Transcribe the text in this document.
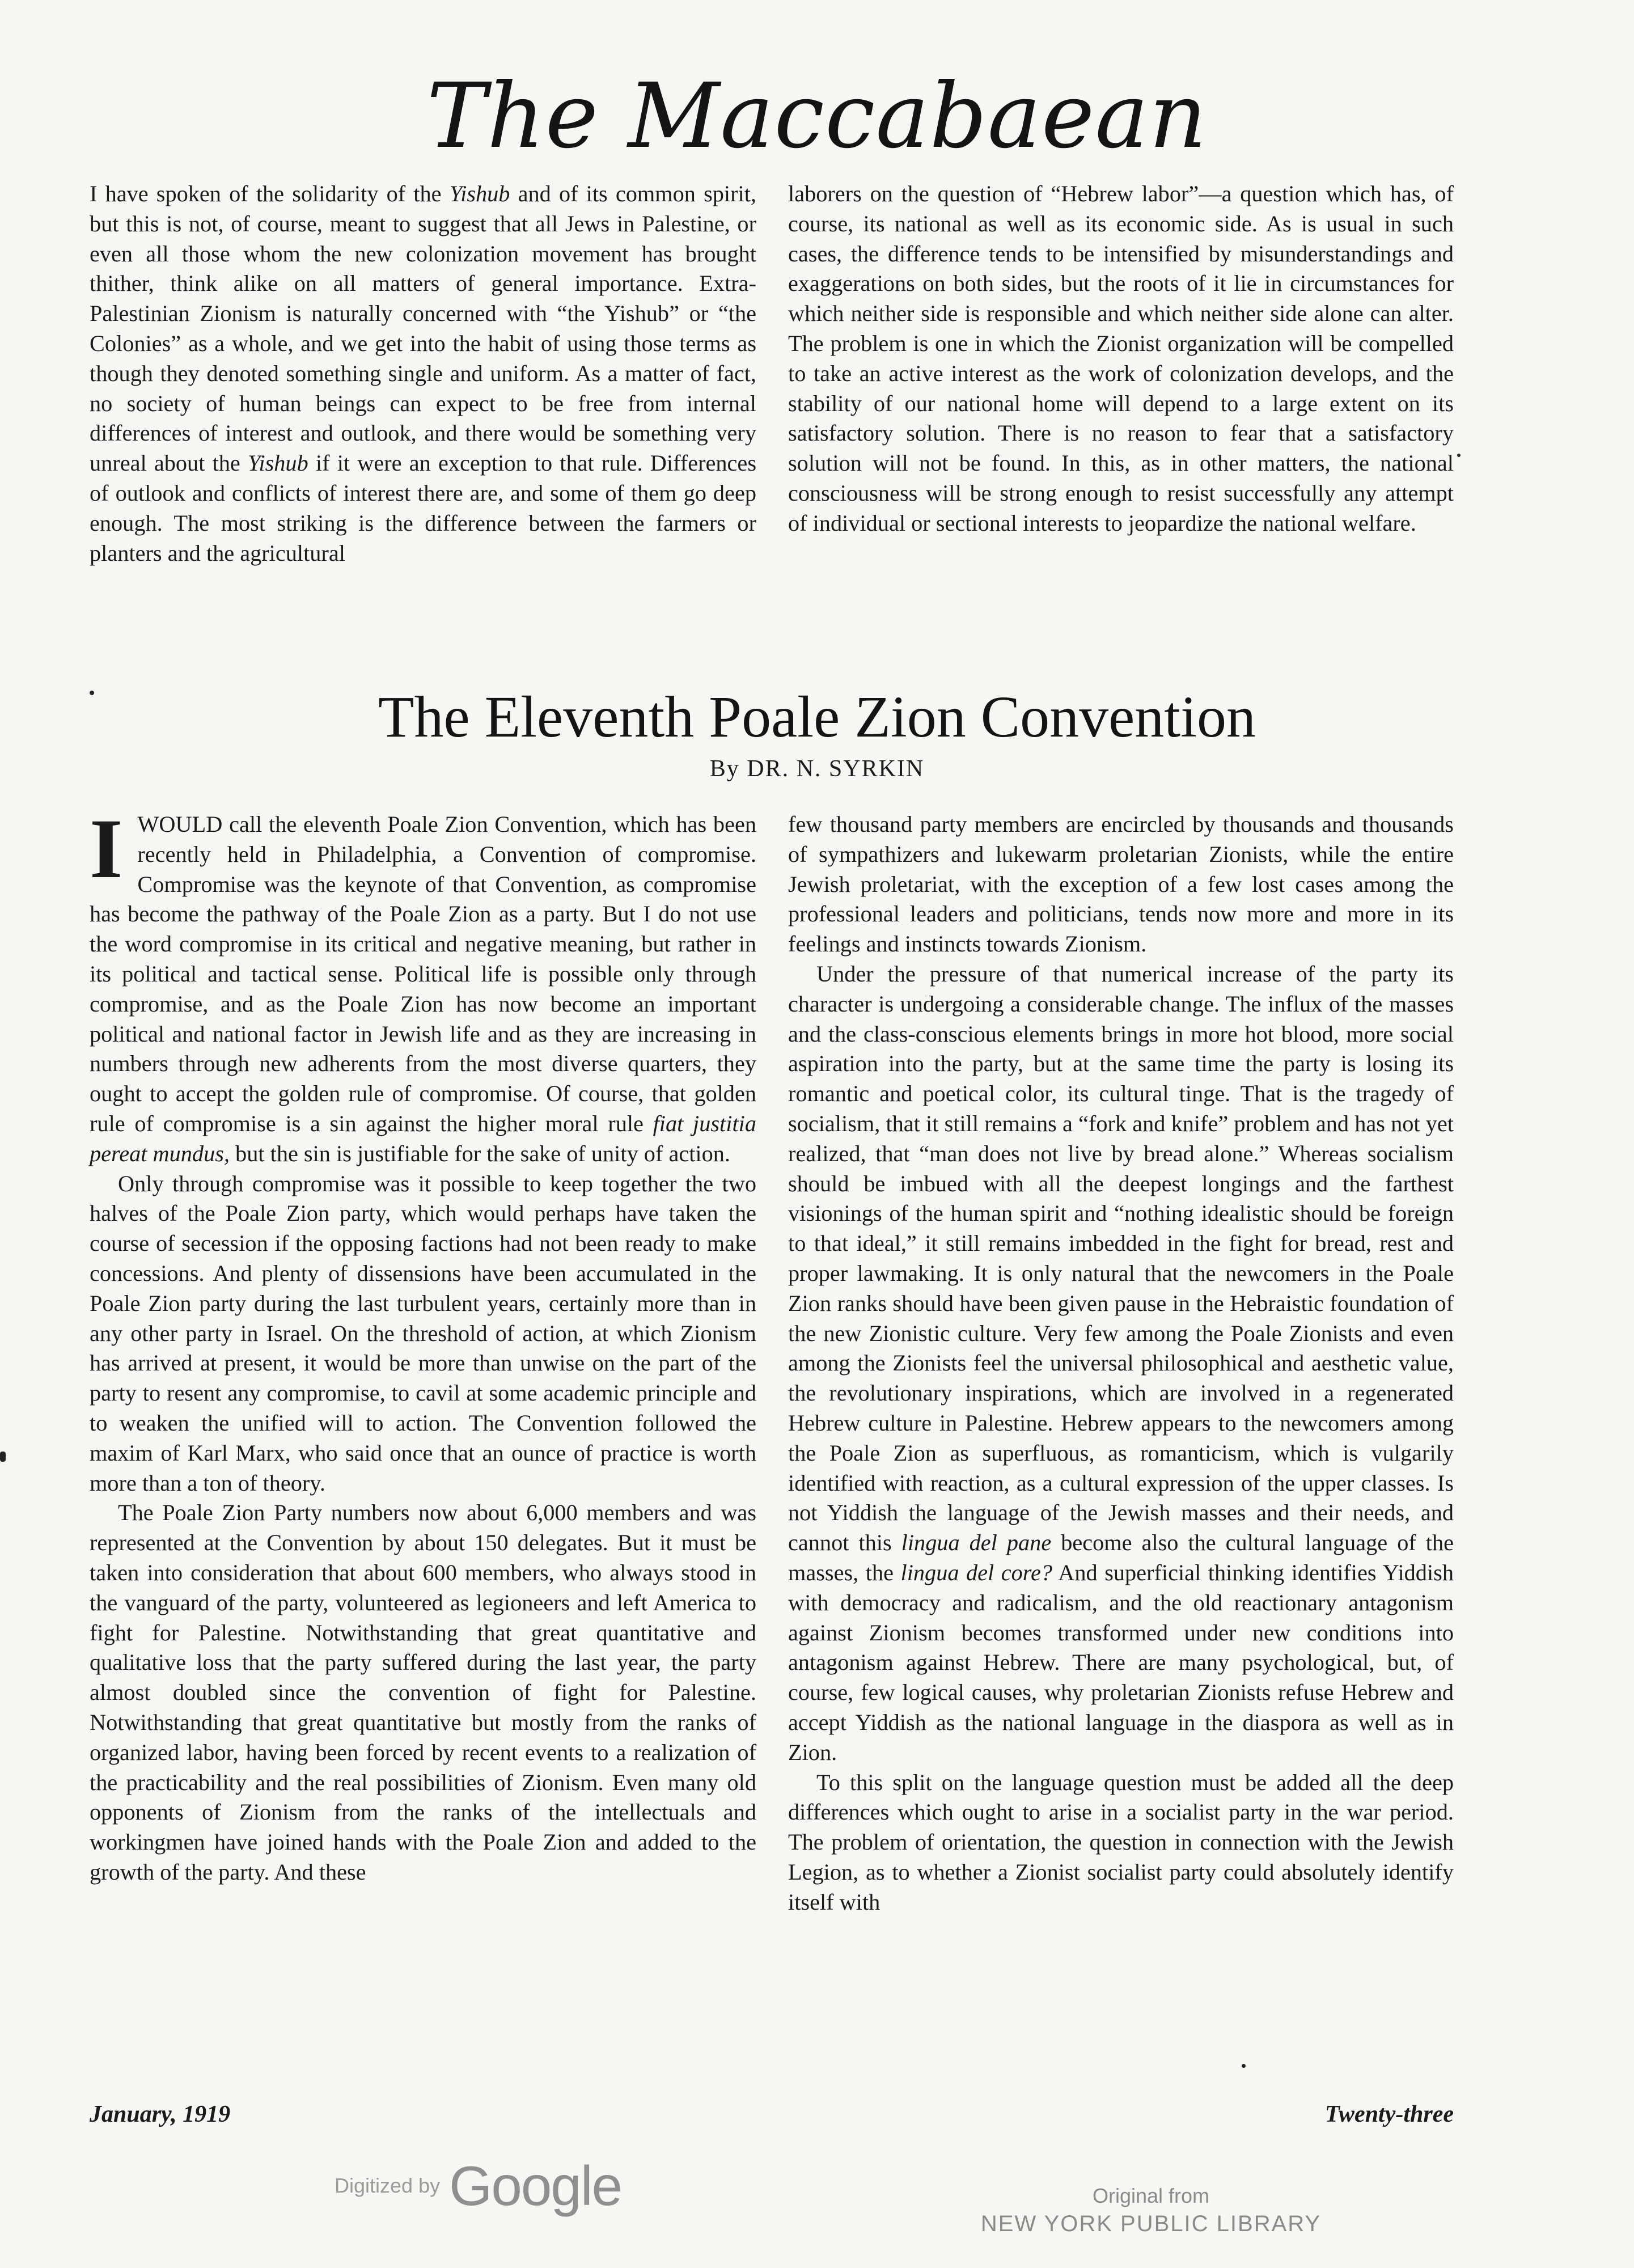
The Maccabaean

I have spoken of the solidarity of the Yishub and of its common spirit, but this is not, of course, meant to suggest that all Jews in Palestine, or even all those whom the new colonization movement has brought thither, think alike on all matters of general importance. Extra-Palestinian Zionism is naturally concerned with “the Yishub” or “the Colonies” as a whole, and we get into the habit of using those terms as though they denoted something single and uniform. As a matter of fact, no society of human beings can expect to be free from internal differences of interest and outlook, and there would be something very unreal about the Yishub if it were an exception to that rule. Differences of outlook and conflicts of interest there are, and some of them go deep enough. The most striking is the difference between the farmers or planters and the agricultural

laborers on the question of “Hebrew labor”—a question which has, of course, its national as well as its economic side. As is usual in such cases, the difference tends to be intensified by misunderstandings and exaggerations on both sides, but the roots of it lie in circumstances for which neither side is responsible and which neither side alone can alter. The problem is one in which the Zionist organization will be compelled to take an active interest as the work of colonization develops, and the stability of our national home will depend to a large extent on its satisfactory solution. There is no reason to fear that a satisfactory solution will not be found. In this, as in other matters, the national consciousness will be strong enough to resist successfully any attempt of individual or sectional interests to jeopardize the national welfare.

The Eleventh Poale Zion Convention
By DR. N. SYRKIN
I WOULD call the eleventh Poale Zion Convention, which has been recently held in Philadelphia, a Convention of compromise. Compromise was the keynote of that Convention, as compromise has become the pathway of the Poale Zion as a party. But I do not use the word compromise in its critical and negative meaning, but rather in its political and tactical sense. Political life is possible only through compromise, and as the Poale Zion has now become an important political and national factor in Jewish life and as they are increasing in numbers through new adherents from the most diverse quarters, they ought to accept the golden rule of compromise. Of course, that golden rule of compromise is a sin against the higher moral rule fiat justitia pereat mundus, but the sin is justifiable for the sake of unity of action.

Only through compromise was it possible to keep together the two halves of the Poale Zion party, which would perhaps have taken the course of secession if the opposing factions had not been ready to make concessions. And plenty of dissensions have been accumulated in the Poale Zion party during the last turbulent years, certainly more than in any other party in Israel. On the threshold of action, at which Zionism has arrived at present, it would be more than unwise on the part of the party to resent any compromise, to cavil at some academic principle and to weaken the unified will to action. The Convention followed the maxim of Karl Marx, who said once that an ounce of practice is worth more than a ton of theory.

The Poale Zion Party numbers now about 6,000 members and was represented at the Convention by about 150 delegates. But it must be taken into consideration that about 600 members, who always stood in the vanguard of the party, volunteered as legioneers and left America to fight for Palestine. Notwithstanding that great quantitative and qualitative loss that the party suffered during the last year, the party almost doubled since the convention of fight for Palestine. Notwithstanding that great quantitative but mostly from the ranks of organized labor, having been forced by recent events to a realization of the practicability and the real possibilities of Zionism. Even many old opponents of Zionism from the ranks of the intellectuals and workingmen have joined hands with the Poale Zion and added to the growth of the party. And these

few thousand party members are encircled by thousands and thousands of sympathizers and lukewarm proletarian Zionists, while the entire Jewish proletariat, with the exception of a few lost cases among the professional leaders and politicians, tends now more and more in its feelings and instincts towards Zionism.

Under the pressure of that numerical increase of the party its character is undergoing a considerable change. The influx of the masses and the class-conscious elements brings in more hot blood, more social aspiration into the party, but at the same time the party is losing its romantic and poetical color, its cultural tinge. That is the tragedy of socialism, that it still remains a “fork and knife” problem and has not yet realized, that “man does not live by bread alone.” Whereas socialism should be imbued with all the deepest longings and the farthest visionings of the human spirit and “nothing idealistic should be foreign to that ideal,” it still remains imbedded in the fight for bread, rest and proper lawmaking. It is only natural that the newcomers in the Poale Zion ranks should have been given pause in the Hebraistic foundation of the new Zionistic culture. Very few among the Poale Zionists and even among the Zionists feel the universal philosophical and aesthetic value, the revolutionary inspirations, which are involved in a regenerated Hebrew culture in Palestine. Hebrew appears to the newcomers among the Poale Zion as superfluous, as romanticism, which is vulgarily identified with reaction, as a cultural expression of the upper classes. Is not Yiddish the language of the Jewish masses and their needs, and cannot this lingua del pane become also the cultural language of the masses, the lingua del core? And superficial thinking identifies Yiddish with democracy and radicalism, and the old reactionary antagonism against Zionism becomes transformed under new conditions into antagonism against Hebrew. There are many psychological, but, of course, few logical causes, why proletarian Zionists refuse Hebrew and accept Yiddish as the national language in the diaspora as well as in Zion.

To this split on the language question must be added all the deep differences which ought to arise in a socialist party in the war period. The problem of orientation, the question in connection with the Jewish Legion, as to whether a Zionist socialist party could absolutely identify itself with

January, 1919	Twenty-three
Digitized by Google	Original from
NEW YORK PUBLIC LIBRARY
